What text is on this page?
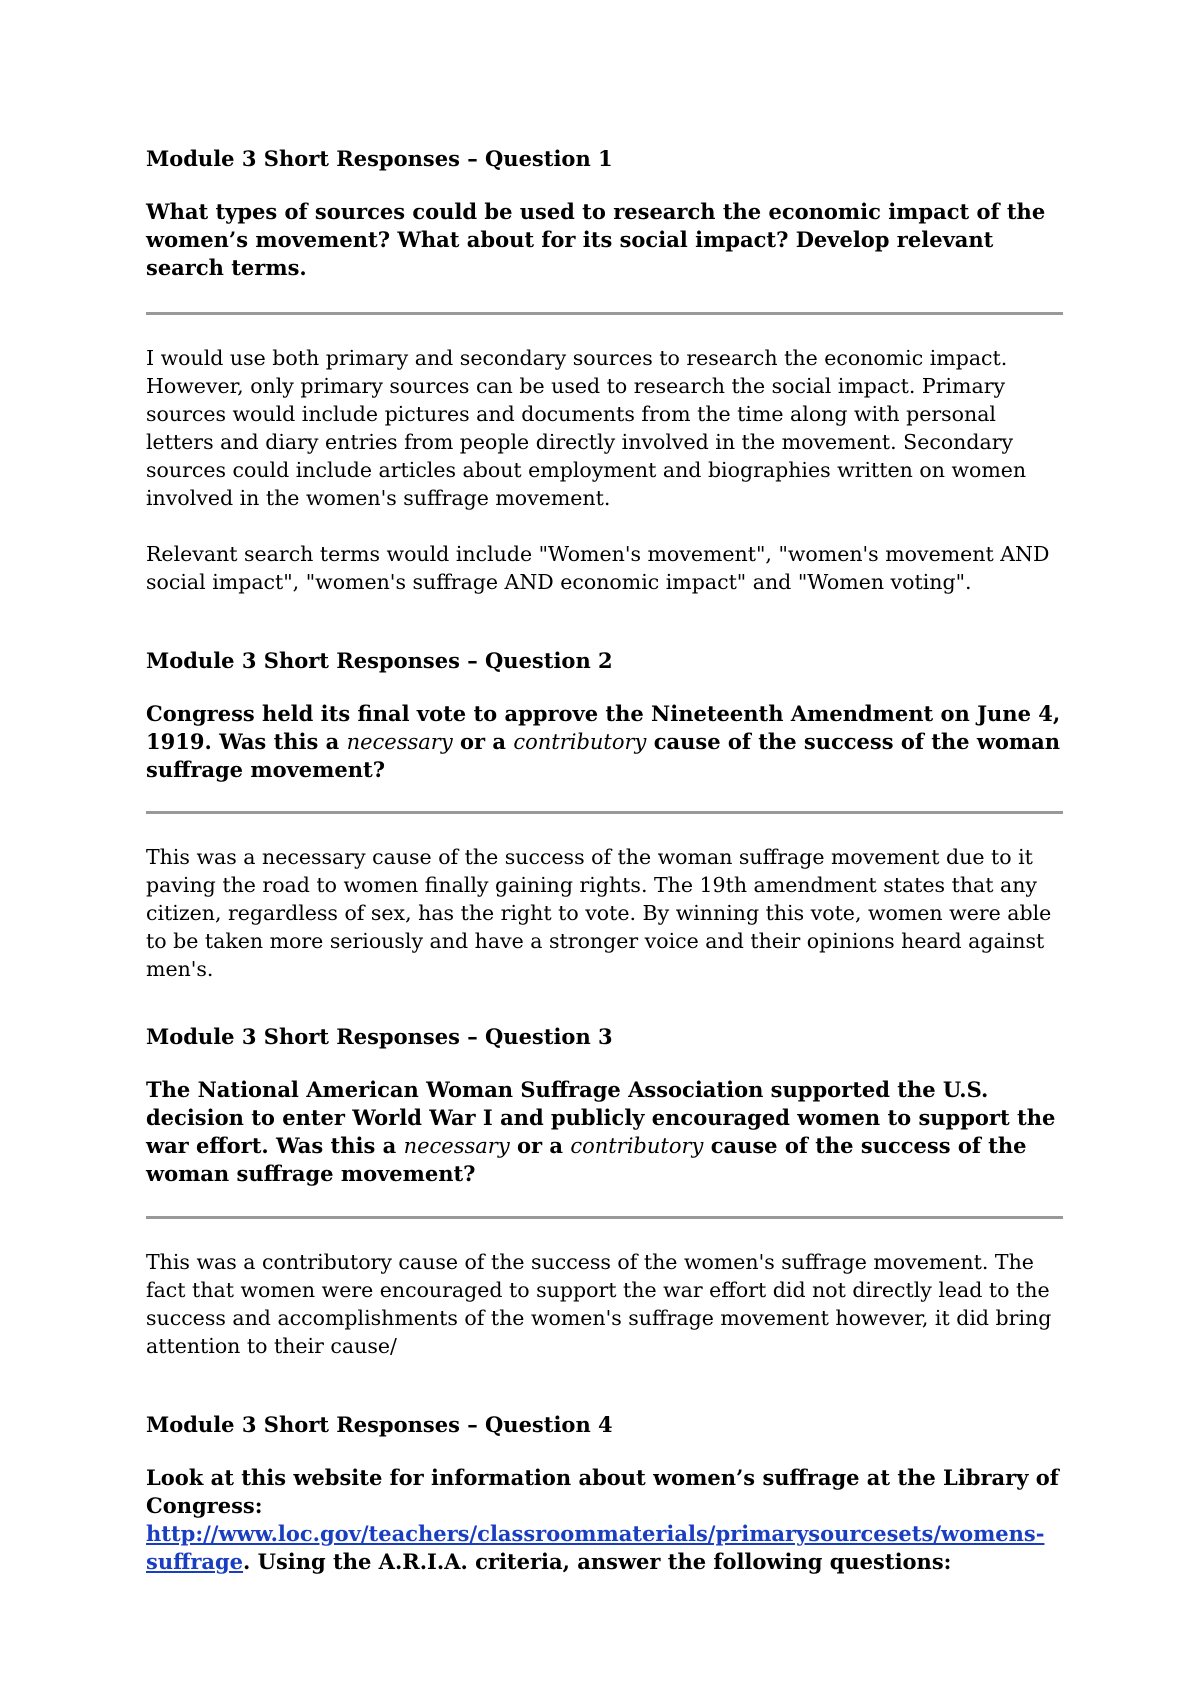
Module 3 Short Responses – Question 1

What types of sources could be used to research the economic impact of the women’s movement? What about for its social impact? Develop relevant search terms.

I would use both primary and secondary sources to research the economic impact. However, only primary sources can be used to research the social impact. Primary sources would include pictures and documents from the time along with personal letters and diary entries from people directly involved in the movement. Secondary sources could include articles about employment and biographies written on women involved in the women's suffrage movement.

Relevant search terms would include "Women's movement", "women's movement AND social impact", "women's suffrage AND economic impact" and "Women voting".

Module 3 Short Responses – Question 2

Congress held its final vote to approve the Nineteenth Amendment on June 4, 1919. Was this a necessary or a contributory cause of the success of the woman suffrage movement?

This was a necessary cause of the success of the woman suffrage movement due to it paving the road to women finally gaining rights. The 19th amendment states that any citizen, regardless of sex, has the right to vote. By winning this vote, women were able to be taken more seriously and have a stronger voice and their opinions heard against men's.

Module 3 Short Responses – Question 3

The National American Woman Suffrage Association supported the U.S. decision to enter World War I and publicly encouraged women to support the war effort. Was this a necessary or a contributory cause of the success of the woman suffrage movement?

This was a contributory cause of the success of the women's suffrage movement. The fact that women were encouraged to support the war effort did not directly lead to the success and accomplishments of the women's suffrage movement however, it did bring attention to their cause/

Module 3 Short Responses – Question 4

Look at this website for information about women’s suffrage at the Library of Congress: http://www.loc.gov/teachers/classroommaterials/primarysourcesets/womens-suffrage. Using the A.R.I.A. criteria, answer the following questions:
